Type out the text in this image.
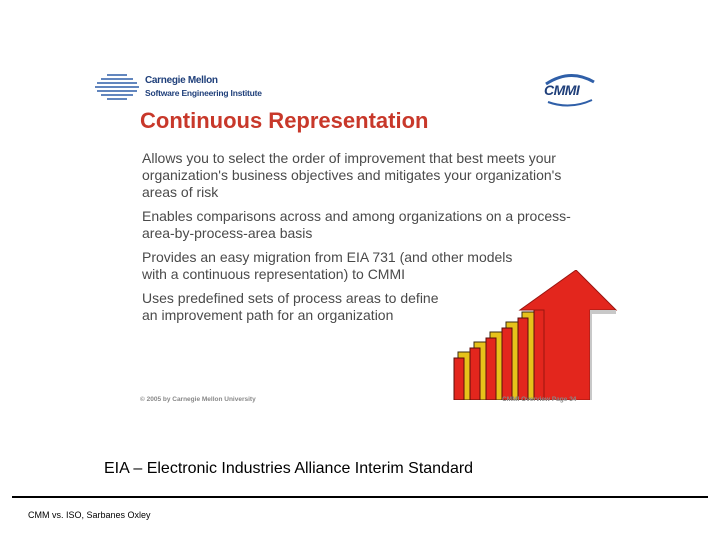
Carnegie Mellon
Software Engineering Institute	CMMI
Continuous Representation
Allows you to select the order of improvement that best meets your organization's business objectives and mitigates your organization's areas of risk
Enables comparisons across and among organizations on a process-area-by-process-area basis
Provides an easy migration from EIA 731 (and other models with a continuous representation) to CMMI
Uses predefined sets of process areas to define an improvement path for an organization
© 2005 by Carnegie Mellon University	CMMI Overview Page 34
EIA – Electronic Industries Alliance Interim Standard
CMM vs. ISO, Sarbanes Oxley
